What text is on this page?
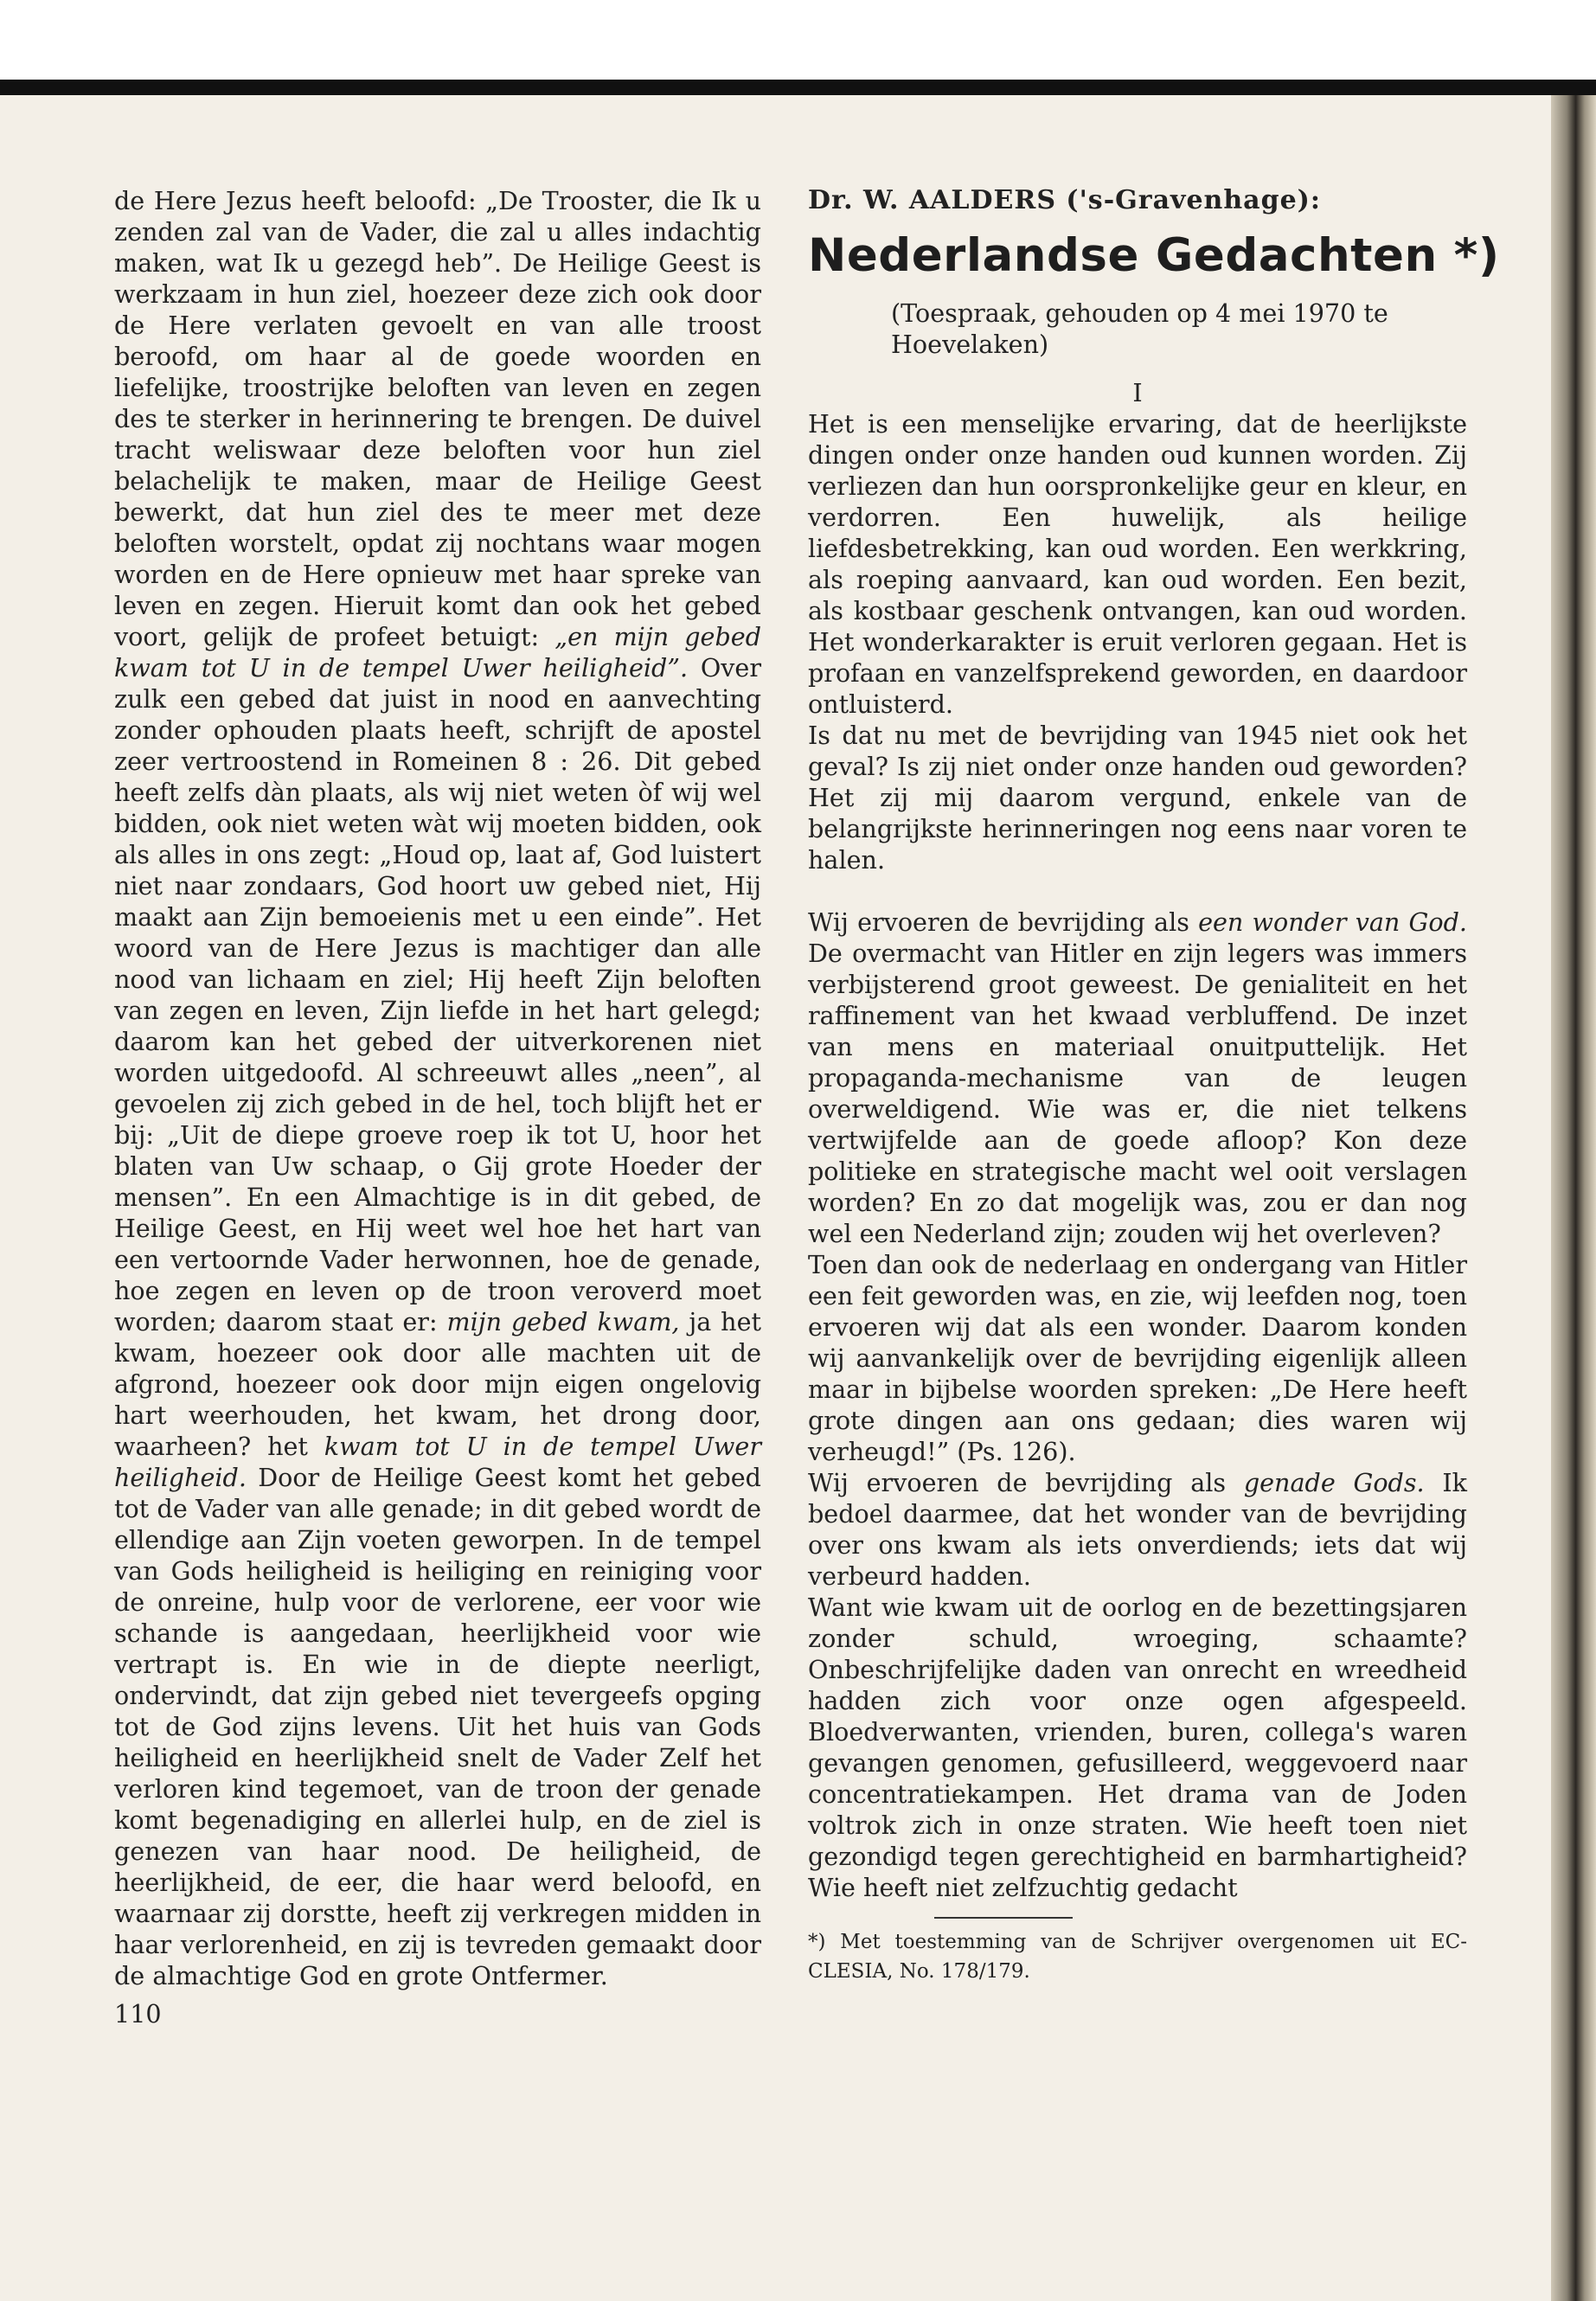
de Here Jezus heeft beloofd: „De Trooster, die Ik u zenden zal van de Vader, die zal u alles indachtig maken, wat Ik u gezegd heb”. De Heilige Geest is werkzaam in hun ziel, hoezeer deze zich ook door de Here verlaten gevoelt en van alle troost beroofd, om haar al de goede woorden en liefelijke, troostrijke beloften van leven en zegen des te sterker in herinnering te brengen. De duivel tracht weliswaar deze beloften voor hun ziel belachelijk te maken, maar de Heilige Geest bewerkt, dat hun ziel des te meer met deze beloften worstelt, opdat zij nochtans waar mogen worden en de Here opnieuw met haar spreke van leven en zegen. Hieruit komt dan ook het gebed voort, gelijk de profeet betuigt: „en mijn gebed kwam tot U in de tempel Uwer heiligheid”. Over zulk een gebed dat juist in nood en aanvechting zonder ophouden plaats heeft, schrijft de apostel zeer vertroostend in Romeinen 8 : 26. Dit gebed heeft zelfs dàn plaats, als wij niet weten òf wij wel bidden, ook niet weten wàt wij moeten bidden, ook als alles in ons zegt: „Houd op, laat af, God luistert niet naar zondaars, God hoort uw gebed niet, Hij maakt aan Zijn bemoeienis met u een einde”. Het woord van de Here Jezus is machtiger dan alle nood van lichaam en ziel; Hij heeft Zijn beloften van zegen en leven, Zijn liefde in het hart gelegd; daarom kan het gebed der uitverkorenen niet worden uitgedoofd. Al schreeuwt alles „neen”, al gevoelen zij zich gebed in de hel, toch blijft het er bij: „Uit de diepe groeve roep ik tot U, hoor het blaten van Uw schaap, o Gij grote Hoeder der mensen”. En een Almachtige is in dit gebed, de Heilige Geest, en Hij weet wel hoe het hart van een vertoornde Vader herwonnen, hoe de genade, hoe zegen en leven op de troon veroverd moet worden; daarom staat er: mijn gebed kwam, ja het kwam, hoezeer ook door alle machten uit de afgrond, hoezeer ook door mijn eigen ongelovig hart weerhouden, het kwam, het drong door, waarheen? het kwam tot U in de tempel Uwer heiligheid. Door de Heilige Geest komt het gebed tot de Vader van alle genade; in dit gebed wordt de ellendige aan Zijn voeten geworpen. In de tempel van Gods heiligheid is heiliging en reiniging voor de onreine, hulp voor de verlorene, eer voor wie schande is aangedaan, heerlijkheid voor wie vertrapt is. En wie in de diepte neerligt, ondervindt, dat zijn gebed niet tevergeefs opging tot de God zijns levens. Uit het huis van Gods heiligheid en heerlijkheid snelt de Vader Zelf het verloren kind tegemoet, van de troon der genade komt begenadiging en allerlei hulp, en de ziel is genezen van haar nood. De heiligheid, de heerlijkheid, de eer, die haar werd beloofd, en waarnaar zij dorstte, heeft zij verkregen midden in haar verlorenheid, en zij is tevreden gemaakt door de almachtige God en grote Ontfermer.

110

Dr. W. AALDERS ('s-Gravenhage):

Nederlandse Gedachten *)

(Toespraak, gehouden op 4 mei 1970 te Hoevelaken)

I

Het is een menselijke ervaring, dat de heerlijkste dingen onder onze handen oud kunnen worden. Zij verliezen dan hun oorspronkelijke geur en kleur, en verdorren. Een huwelijk, als heilige liefdesbetrekking, kan oud worden. Een werkkring, als roeping aanvaard, kan oud worden. Een bezit, als kostbaar geschenk ontvangen, kan oud worden. Het wonderkarakter is eruit verloren gegaan. Het is profaan en vanzelfsprekend geworden, en daardoor ontluisterd.

Is dat nu met de bevrijding van 1945 niet ook het geval? Is zij niet onder onze handen oud geworden? Het zij mij daarom vergund, enkele van de belangrijkste herinneringen nog eens naar voren te halen.

Wij ervoeren de bevrijding als een wonder van God. De overmacht van Hitler en zijn legers was immers verbijsterend groot geweest. De genialiteit en het raffinement van het kwaad verbluffend. De inzet van mens en materiaal onuitputtelijk. Het propaganda-mechanisme van de leugen overweldigend. Wie was er, die niet telkens vertwijfelde aan de goede afloop? Kon deze politieke en strategische macht wel ooit verslagen worden? En zo dat mogelijk was, zou er dan nog wel een Nederland zijn; zouden wij het overleven?

Toen dan ook de nederlaag en ondergang van Hitler een feit geworden was, en zie, wij leefden nog, toen ervoeren wij dat als een wonder. Daarom konden wij aanvankelijk over de bevrijding eigenlijk alleen maar in bijbelse woorden spreken: „De Here heeft grote dingen aan ons gedaan; dies waren wij verheugd!” (Ps. 126).

Wij ervoeren de bevrijding als genade Gods. Ik bedoel daarmee, dat het wonder van de bevrijding over ons kwam als iets onverdiends; iets dat wij verbeurd hadden.

Want wie kwam uit de oorlog en de bezettingsjaren zonder schuld, wroeging, schaamte? Onbeschrijfelijke daden van onrecht en wreedheid hadden zich voor onze ogen afgespeeld. Bloedverwanten, vrienden, buren, collega's waren gevangen genomen, gefusilleerd, weggevoerd naar concentratiekampen. Het drama van de Joden voltrok zich in onze straten. Wie heeft toen niet gezondigd tegen gerechtigheid en barmhartigheid? Wie heeft niet zelfzuchtig gedacht

*) Met toestemming van de Schrijver overgenomen uit EC-CLESIA, No. 178/179.
